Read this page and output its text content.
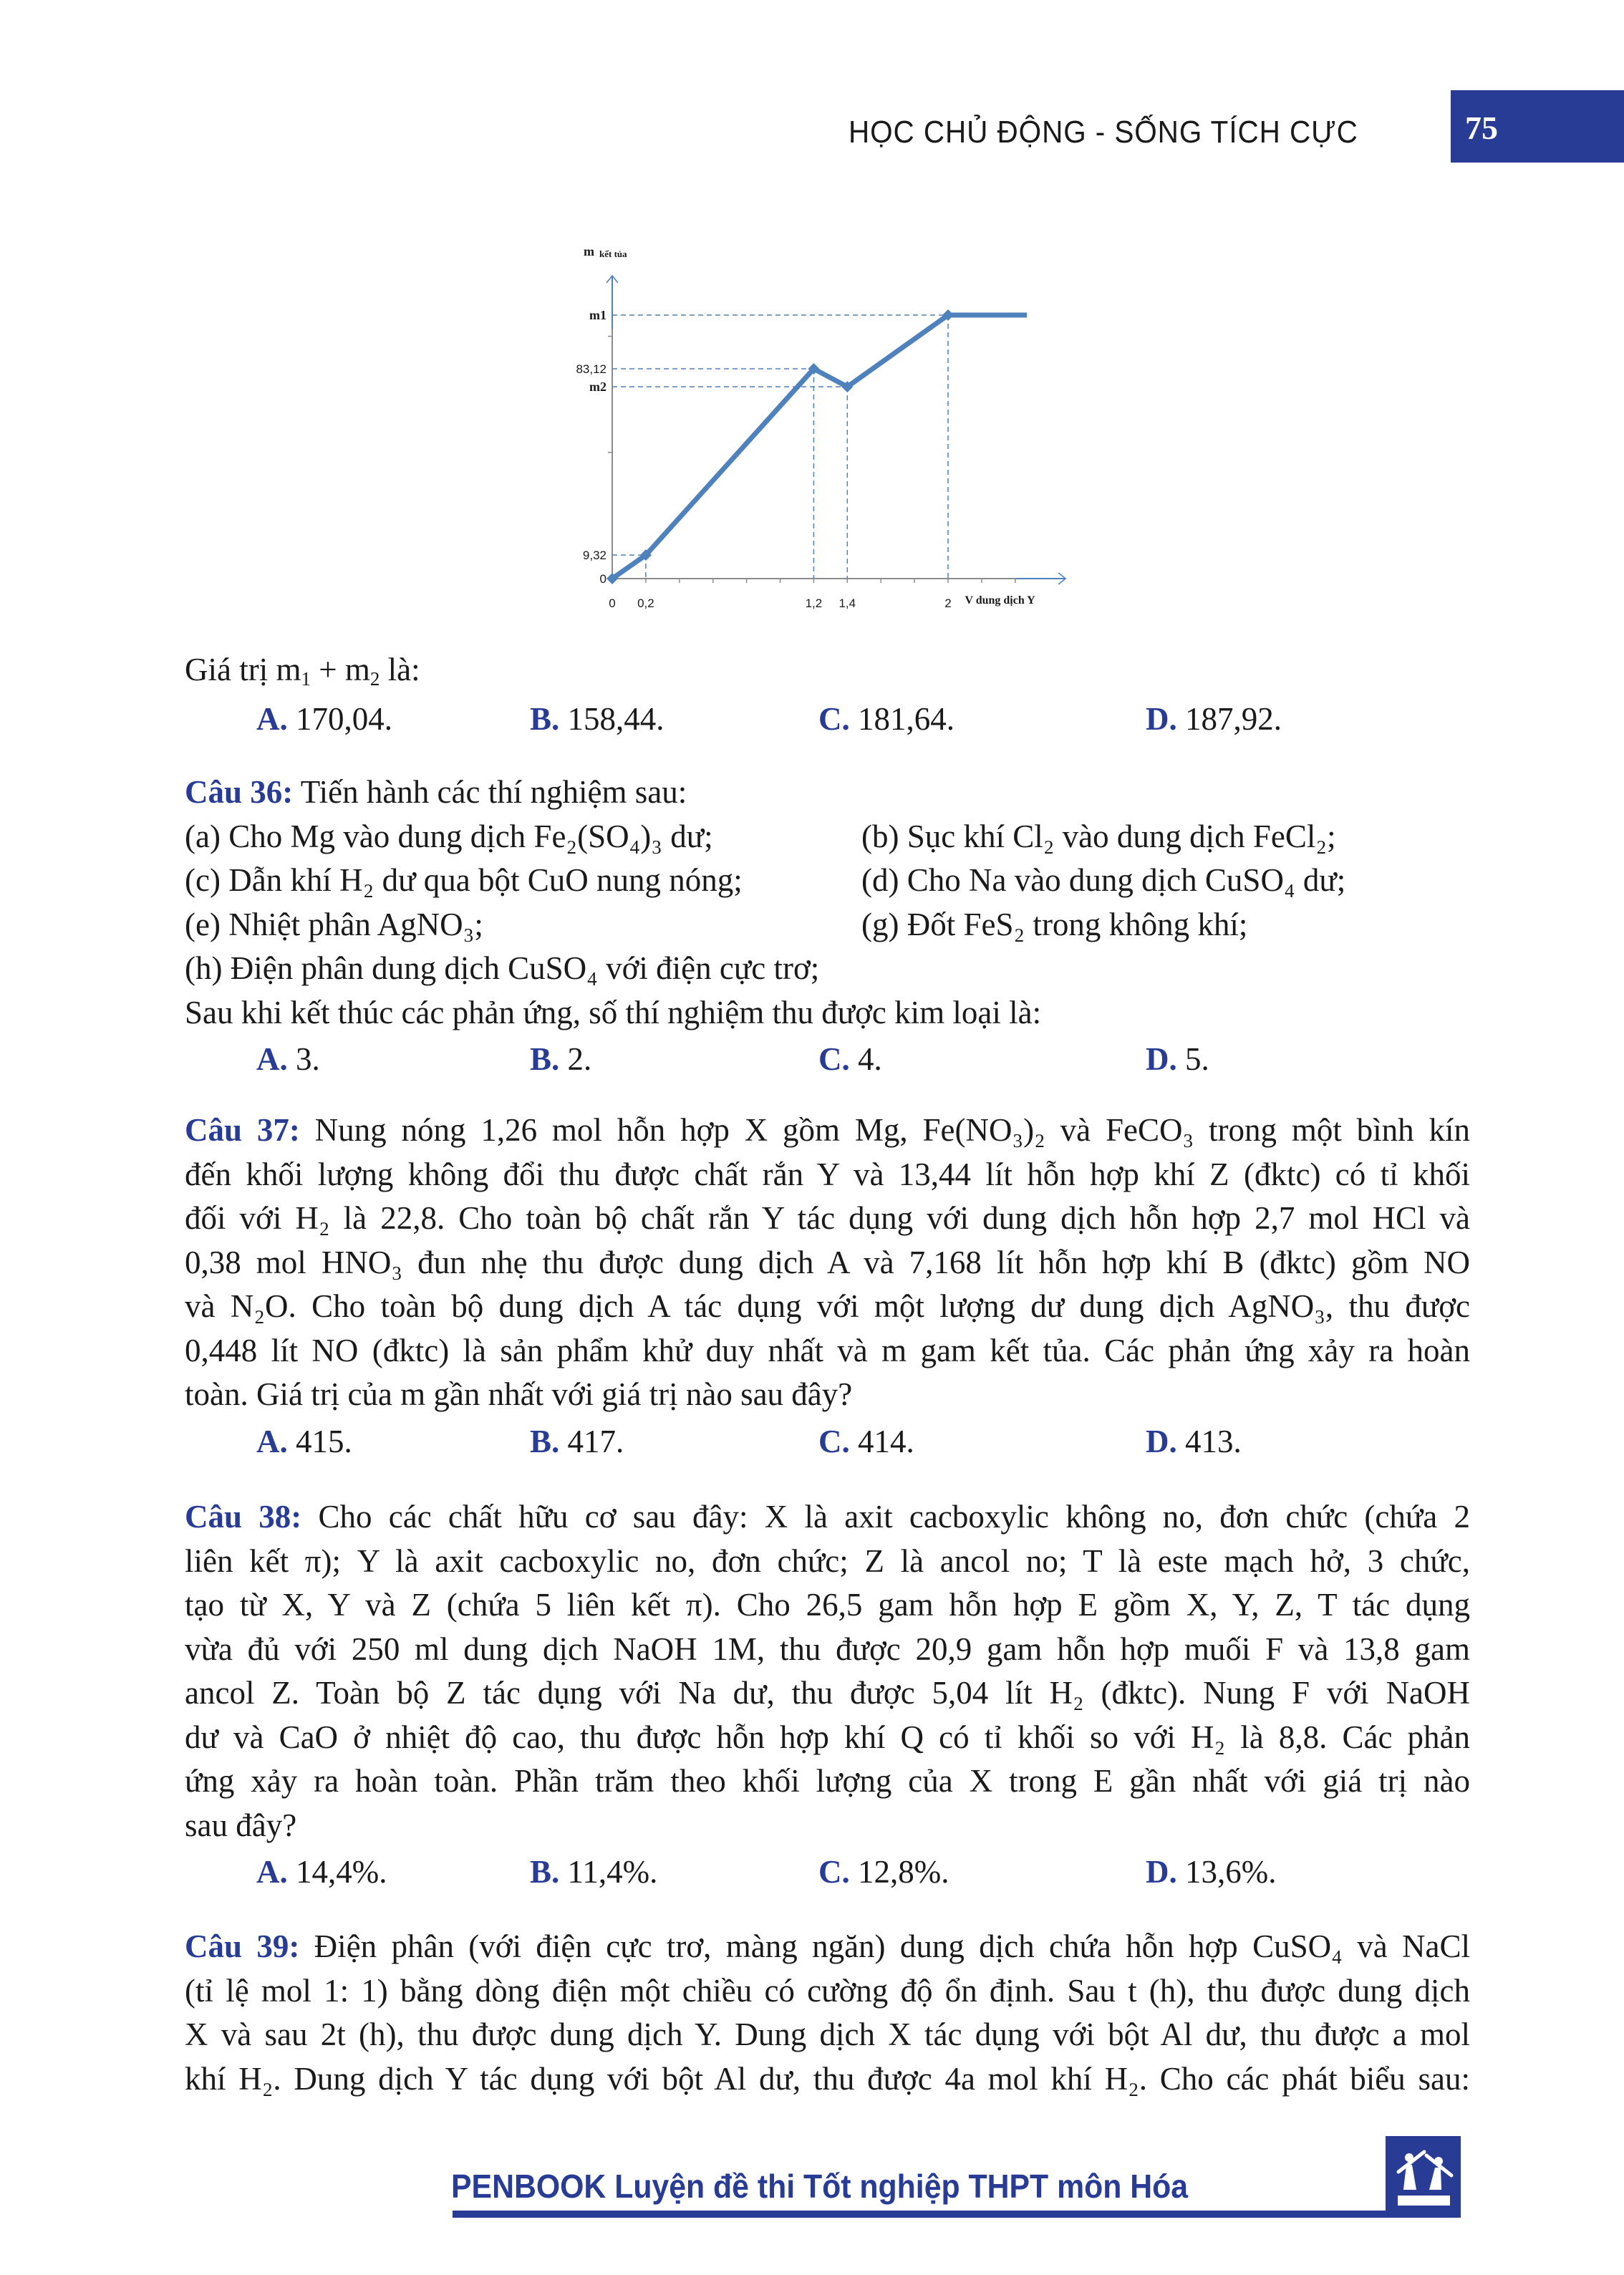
HỌC CHỦ ĐỘNG - SỐNG TÍCH CỰC	75
0 0,2	1,2 1,4	2
0
9,32
m2
83,12
m1
m kết tủa
V dung dịch Y
Giá trị $m_1 + m_2$ là:
A. 170,04.	B. 158,44.	C. 181,64.	D. 187,92.
Câu 36: Tiến hành các thí nghiệm sau:
(a) Cho Mg vào dung dịch Fe₂(SO₄)₃ dư;	(b) Sục khí Cl₂ vào dung dịch FeCl₂;
(c) Dẫn khí H₂ dư qua bột CuO nung nóng;	(d) Cho Na vào dung dịch CuSO₄ dư;
(e) Nhiệt phân AgNO₃;	(g) Đốt FeS₂ trong không khí;
(h) Điện phân dung dịch CuSO₄ với điện cực trơ;
Sau khi kết thúc các phản ứng, số thí nghiệm thu được kim loại là:
A. 3.	B. 2.	C. 4.	D. 5.
Câu 37: Nung nóng 1,26 mol hỗn hợp X gồm Mg, Fe(NO₃)₂ và FeCO₃ trong một bình kín
đến khối lượng không đổi thu được chất rắn Y và 13,44 lít hỗn hợp khí Z (đktc) có tỉ khối
đối với H₂ là 22,8. Cho toàn bộ chất rắn Y tác dụng với dung dịch hỗn hợp 2,7 mol HCl và
0,38 mol HNO₃ đun nhẹ thu được dung dịch A và 7,168 lít hỗn hợp khí B (đktc) gồm NO
và N₂O. Cho toàn bộ dung dịch A tác dụng với một lượng dư dung dịch AgNO₃, thu được
0,448 lít NO (đktc) là sản phẩm khử duy nhất và m gam kết tủa. Các phản ứng xảy ra hoàn
toàn. Giá trị của m gần nhất với giá trị nào sau đây?
A. 415.	B. 417.	C. 414.	D. 413.
Câu 38: Cho các chất hữu cơ sau đây: X là axit cacboxylic không no, đơn chức (chứa 2
liên kết π); Y là axit cacboxylic no, đơn chức; Z là ancol no; T là este mạch hở, 3 chức,
tạo từ X, Y và Z (chứa 5 liên kết π). Cho 26,5 gam hỗn hợp E gồm X, Y, Z, T tác dụng
vừa đủ với 250 ml dung dịch NaOH 1M, thu được 20,9 gam hỗn hợp muối F và 13,8 gam
ancol Z. Toàn bộ Z tác dụng với Na dư, thu được 5,04 lít H₂ (đktc). Nung F với NaOH
dư và CaO ở nhiệt độ cao, thu được hỗn hợp khí Q có tỉ khối so với H₂ là 8,8. Các phản
ứng xảy ra hoàn toàn. Phần trăm theo khối lượng của X trong E gần nhất với giá trị nào
sau đây?
A. 14,4%.	B. 11,4%.	C. 12,8%.	D. 13,6%.
Câu 39: Điện phân (với điện cực trơ, màng ngăn) dung dịch chứa hỗn hợp CuSO₄ và NaCl
(tỉ lệ mol 1: 1) bằng dòng điện một chiều có cường độ ổn định. Sau t (h), thu được dung dịch
X và sau 2t (h), thu được dung dịch Y. Dung dịch X tác dụng với bột Al dư, thu được a mol
khí H₂. Dung dịch Y tác dụng với bột Al dư, thu được 4a mol khí H₂. Cho các phát biểu sau:
PENBOOK Luyện đề thi Tốt nghiệp THPT môn Hóa
